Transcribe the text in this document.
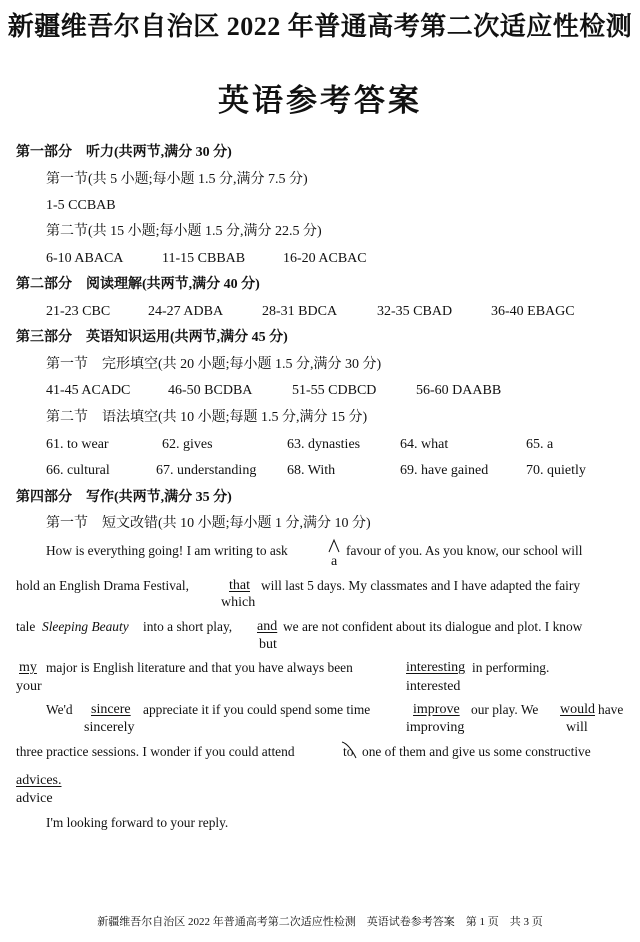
新疆维吾尔自治区 2022 年普通高考第二次适应性检测
英语参考答案
第一部分　听力(共两节,满分 30 分)
第一节(共 5 小题;每小题 1.5 分,满分 7.5 分)
1-5 CCBAB
第二节(共 15 小题;每小题 1.5 分,满分 22.5 分)
6-10 ABACA	11-15 CBBAB	16-20 ACBAC
第二部分　阅读理解(共两节,满分 40 分)
21-23 CBC	24-27 ADBA	28-31 BDCA	32-35 CBAD	36-40 EBAGC
第三部分　英语知识运用(共两节,满分 45 分)
第一节　完形填空(共 20 小题;每小题 1.5 分,满分 30 分)
41-45 ACADC	46-50 BCDBA	51-55 CDBCD	56-60 DAABB
第二节　语法填空(共 10 小题;每题 1.5 分,满分 15 分)
61. to wear	62. gives	63. dynasties	64. what	65. a
66. cultural	67. understanding 68. With	69. have gained	70. quietly
第四部分　写作(共两节,满分 35 分)
第一节　短文改错(共 10 小题;每小题 1 分,满分 10 分)
How is everything going! I am writing to ask
a
favour of you. As you know, our school will
hold an English Drama Festival,	that will last 5 days. My classmates and I have adapted the fairy
which
tale Sleeping Beauty into a short play, and we are not confident about its dialogue and plot. I know
but
my major is English literature and that you have always been	interesting in performing.
your	interested
We'd sincere appreciate it if you could spend some time	improve our play. We would have
sincerely	improving	will
three practice sessions. I wonder if you could attend	to one of them and give us some constructive
advices.
advice
I'm looking forward to your reply.
新疆维吾尔自治区 2022 年普通高考第二次适应性检测　英语试卷参考答案　第 1 页　共 3 页
